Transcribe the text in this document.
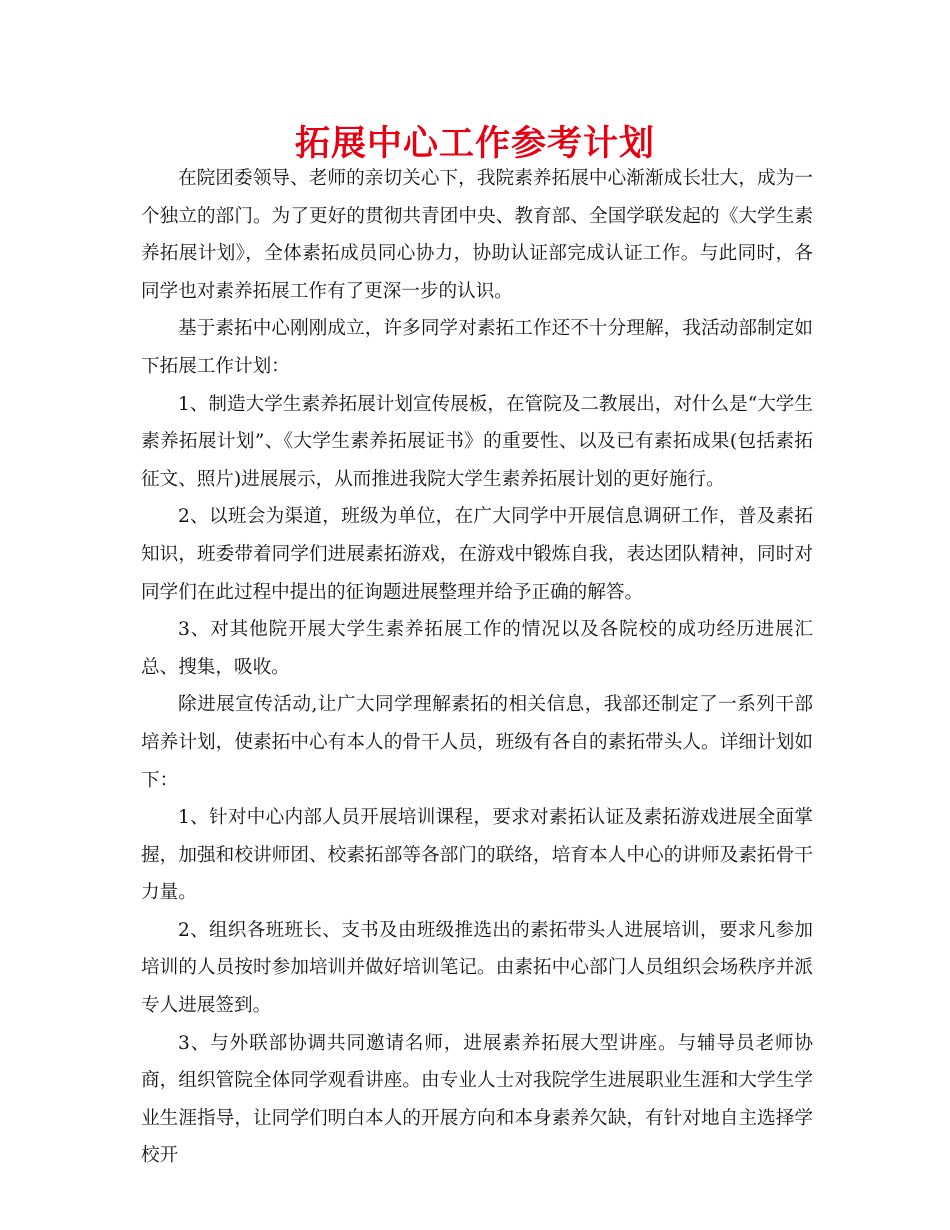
拓展中心工作参考计划

在院团委领导、老师的亲切关心下，我院素养拓展中心渐渐成长壮大，成为一个独立的部门。为了更好的贯彻共青团中央、教育部、全国学联发起的《大学生素养拓展计划》，全体素拓成员同心协力，协助认证部完成认证工作。与此同时，各同学也对素养拓展工作有了更深一步的认识。

基于素拓中心刚刚成立，许多同学对素拓工作还不十分理解，我活动部制定如下拓展工作计划：

1、制造大学生素养拓展计划宣传展板，在管院及二教展出，对什么是“大学生素养拓展计划”、《大学生素养拓展证书》的重要性、以及已有素拓成果(包括素拓征文、照片)进展展示，从而推进我院大学生素养拓展计划的更好施行。

2、以班会为渠道，班级为单位，在广大同学中开展信息调研工作，普及素拓知识，班委带着同学们进展素拓游戏，在游戏中锻炼自我，表达团队精神，同时对同学们在此过程中提出的征询题进展整理并给予正确的解答。

3、对其他院开展大学生素养拓展工作的情况以及各院校的成功经历进展汇总、搜集，吸收。

除进展宣传活动,让广大同学理解素拓的相关信息，我部还制定了一系列干部培养计划，使素拓中心有本人的骨干人员，班级有各自的素拓带头人。详细计划如下：

1、针对中心内部人员开展培训课程，要求对素拓认证及素拓游戏进展全面掌握，加强和校讲师团、校素拓部等各部门的联络，培育本人中心的讲师及素拓骨干力量。

2、组织各班班长、支书及由班级推选出的素拓带头人进展培训，要求凡参加培训的人员按时参加培训并做好培训笔记。由素拓中心部门人员组织会场秩序并派专人进展签到。

3、与外联部协调共同邀请名师，进展素养拓展大型讲座。与辅导员老师协商，组织管院全体同学观看讲座。由专业人士对我院学生进展职业生涯和大学生学业生涯指导，让同学们明白本人的开展方向和本身素养欠缺，有针对地自主选择学校开
